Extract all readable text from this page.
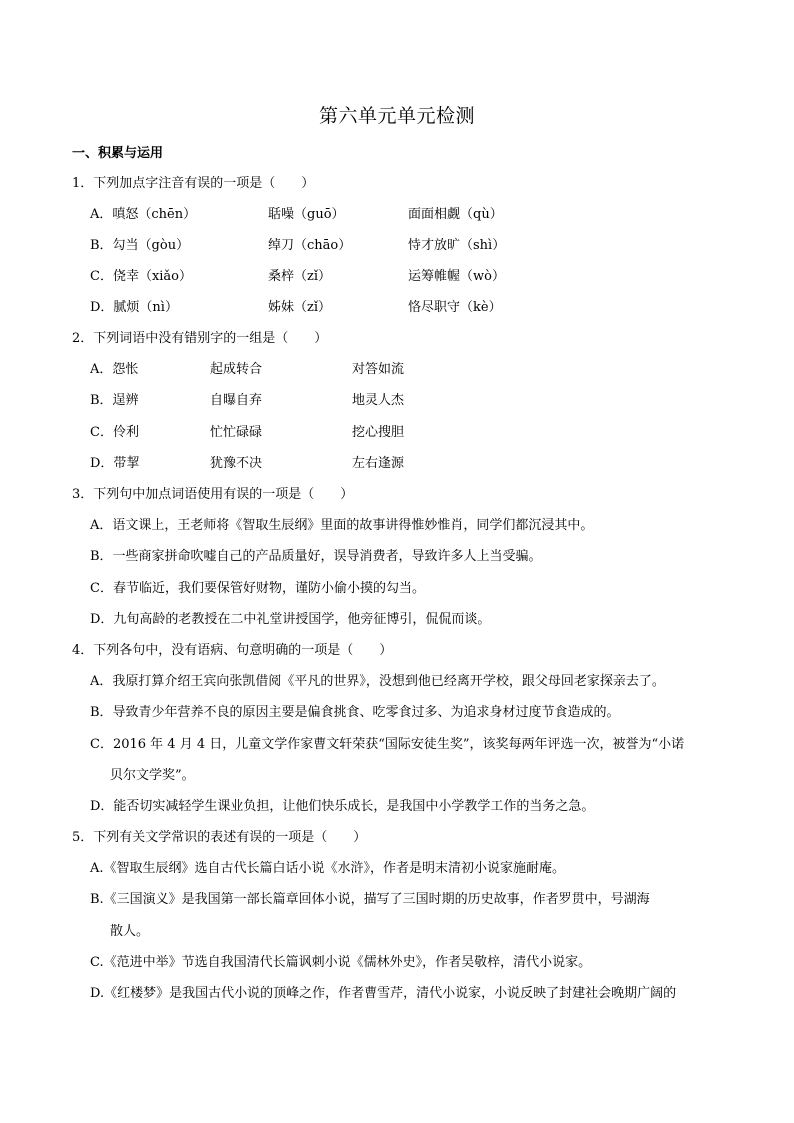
第六单元单元检测
一、积累与运用
1．下列加点字注音有误的一项是（　　）
A．嗔怒（chēn）	聒噪（guō）	面面相觑（qù）
B．勾当（gòu）	绰刀（chāo）	恃才放旷（shì）
C．侥幸（xiǎo）	桑梓（zǐ）	运筹帷幄（wò）
D．腻烦（nì）	姊妹（zǐ）	恪尽职守（kè）
2．下列词语中没有错别字的一组是（　　）
A．怨怅	起成转合	对答如流
B．逞辨	自曝自弃	地灵人杰
C．伶利	忙忙碌碌	挖心搜胆
D．带挈	犹豫不决	左右逢源
3．下列句中加点词语使用有误的一项是（　　）
A．语文课上，王老师将《智取生辰纲》里面的故事讲得惟妙惟肖，同学们都沉浸其中。
B．一些商家拼命吹嘘自己的产品质量好，误导消费者，导致许多人上当受骗。
C．春节临近，我们要保管好财物，谨防小偷小摸的勾当。
D．九旬高龄的老教授在二中礼堂讲授国学，他旁征博引，侃侃而谈。
4．下列各句中，没有语病、句意明确的一项是（　　）
A．我原打算介绍王宾向张凯借阅《平凡的世界》，没想到他已经离开学校，跟父母回老家探亲去了。
B．导致青少年营养不良的原因主要是偏食挑食、吃零食过多、为追求身材过度节食造成的。
C．2016 年 4 月 4 日，儿童文学作家曹文轩荣获“国际安徒生奖”，该奖每两年评选一次，被誉为“小诺
贝尔文学奖”。
D．能否切实减轻学生课业负担，让他们快乐成长，是我国中小学教学工作的当务之急。
5．下列有关文学常识的表述有误的一项是（　　）
A.《智取生辰纲》选自古代长篇白话小说《水浒》，作者是明末清初小说家施耐庵。
B.《三国演义》是我国第一部长篇章回体小说，描写了三国时期的历史故事，作者罗贯中，号湖海
散人。
C.《范进中举》节选自我国清代长篇讽刺小说《儒林外史》，作者吴敬梓，清代小说家。
D.《红楼梦》是我国古代小说的顶峰之作，作者曹雪芹，清代小说家，小说反映了封建社会晚期广阔的
